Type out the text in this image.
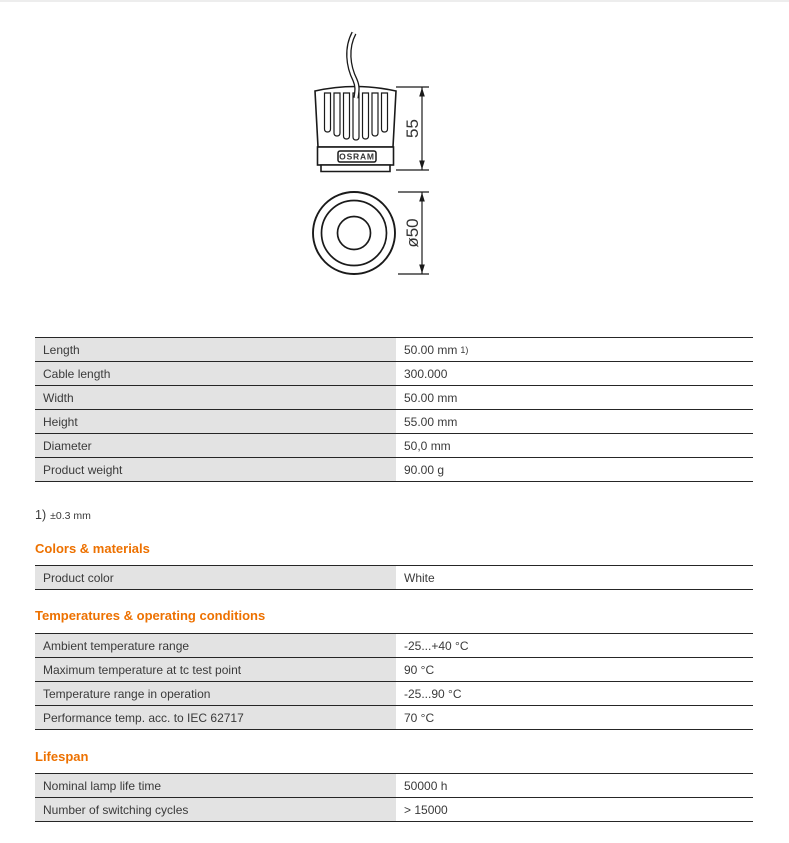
OSRAM
55
ø50
Length	50.00 mm 1)
Cable length	300.000
Width	50.00 mm
Height	55.00 mm
Diameter	50,0 mm
Product weight	90.00 g
1) ±0.3 mm
Colors & materials
Product color	White
Temperatures & operating conditions
Ambient temperature range	-25...+40 °C
Maximum temperature at tc test point	90 °C
Temperature range in operation	-25...90 °C
Performance temp. acc. to IEC 62717	70 °C
Lifespan
Nominal lamp life time	50000 h
Number of switching cycles	> 15000
